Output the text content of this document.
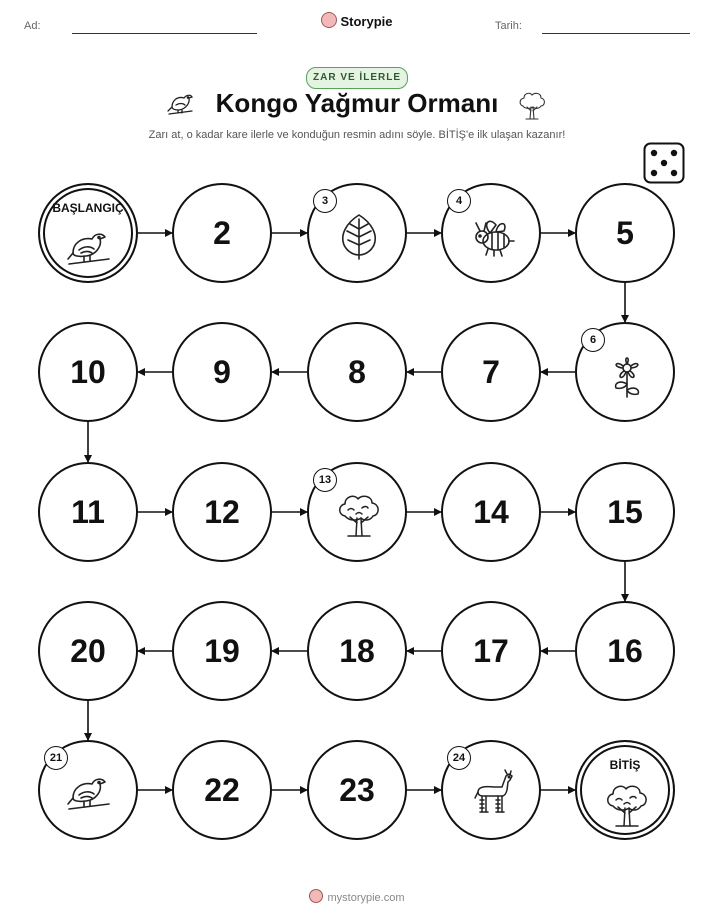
Ad:	Storypie	Tarih:
ZAR VE İLERLE
Kongo Yağmur Ormanı
Zarı at, o kadar kare ilerle ve konduğun resmin adını söyle. BİTİŞ'e ilk ulaşan kazanır!
BAŞLANGIÇ
2
3	4
5
6
7
8
9
10
11	12
13
14	15
16
17
18
19
20
21
22	23
24	BİTİŞ
mystorypie.com
